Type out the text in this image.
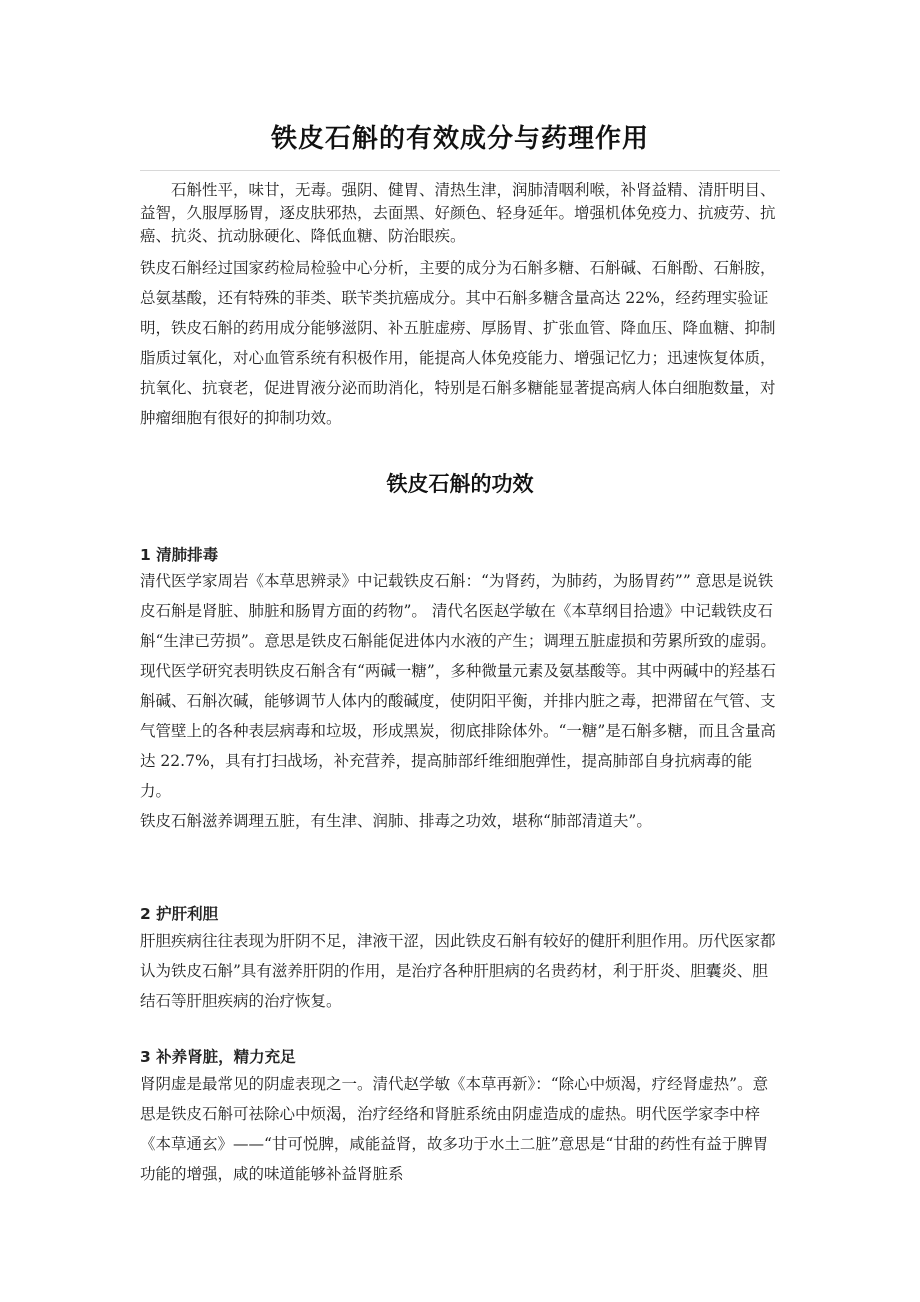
铁皮石斛的有效成分与药理作用
石斛性平，味甘，无毒。强阴、健胃、清热生津，润肺清咽利喉，补肾益精、清肝明目、益智，久服厚肠胃，逐皮肤邪热，去面黑、好颜色、轻身延年。增强机体免疫力、抗疲劳、抗癌、抗炎、抗动脉硬化、降低血糖、防治眼疾。

铁皮石斛经过国家药检局检验中心分析，主要的成分为石斛多糖、石斛碱、石斛酚、石斛胺，总氨基酸，还有特殊的菲类、联苄类抗癌成分。其中石斛多糖含量高达 22%，经药理实验证明，铁皮石斛的药用成分能够滋阴、补五脏虚痨、厚肠胃、扩张血管、降血压、降血糖、抑制脂质过氧化，对心血管系统有积极作用，能提高人体免疫能力、增强记忆力；迅速恢复体质，抗氧化、抗衰老，促进胃液分泌而助消化，特别是石斛多糖能显著提高病人体白细胞数量，对肿瘤细胞有很好的抑制功效。

铁皮石斛的功效
1 清肺排毒

清代医学家周岩《本草思辨录》中记载铁皮石斛：“为肾药，为肺药，为肠胃药”” 意思是说铁皮石斛是肾脏、肺脏和肠胃方面的药物”。 清代名医赵学敏在《本草纲目拾遗》中记载铁皮石斛“生津已劳损”。意思是铁皮石斛能促进体内水液的产生；调理五脏虚损和劳累所致的虚弱。

现代医学研究表明铁皮石斛含有“两碱一糖”，多种微量元素及氨基酸等。其中两碱中的羟基石斛碱、石斛次碱，能够调节人体内的酸碱度，使阴阳平衡，并排内脏之毒，把滞留在气管、支气管壁上的各种表层病毒和垃圾，形成黑炭，彻底排除体外。“一糖”是石斛多糖，而且含量高达 22.7%，具有打扫战场，补充营养，提高肺部纤维细胞弹性，提高肺部自身抗病毒的能力。

铁皮石斛滋养调理五脏，有生津、润肺、排毒之功效，堪称“肺部清道夫”。

2 护肝利胆

肝胆疾病往往表现为肝阴不足，津液干涩，因此铁皮石斛有较好的健肝利胆作用。历代医家都认为铁皮石斛”具有滋养肝阴的作用，是治疗各种肝胆病的名贵药材，利于肝炎、胆囊炎、胆结石等肝胆疾病的治疗恢复。

3 补养肾脏，精力充足

肾阴虚是最常见的阴虚表现之一。清代赵学敏《本草再新》：“除心中烦渴，疗经肾虚热”。意思是铁皮石斛可祛除心中烦渴，治疗经络和肾脏系统由阴虚造成的虚热。明代医学家李中梓《本草通玄》——“甘可悦脾，咸能益肾，故多功于水土二脏”意思是“甘甜的药性有益于脾胃功能的增强，咸的味道能够补益肾脏系
